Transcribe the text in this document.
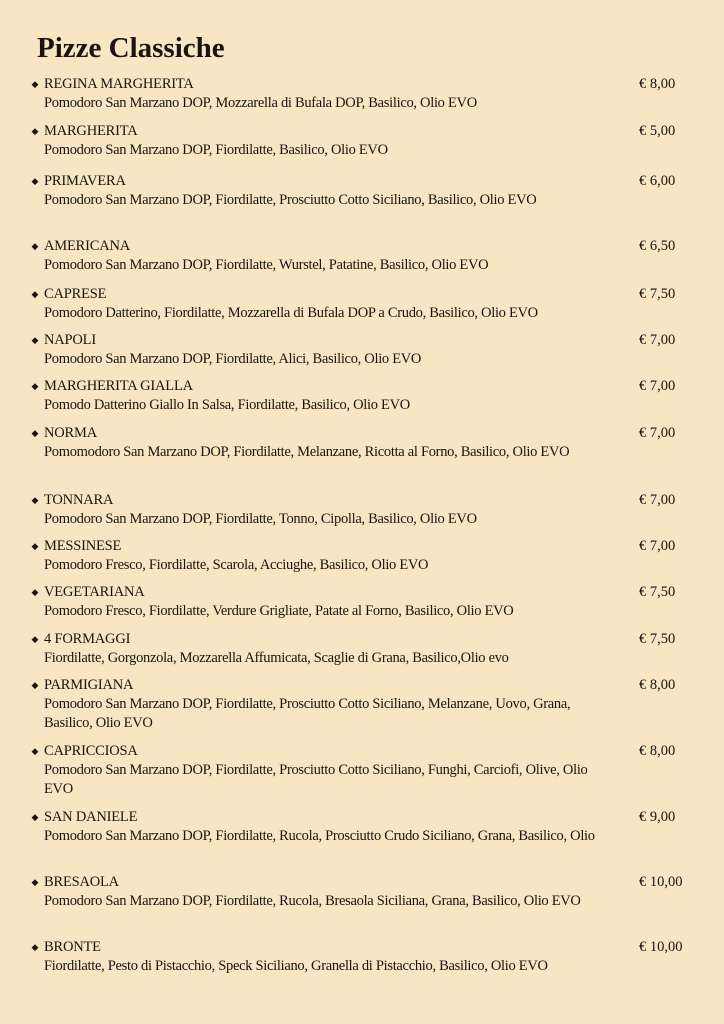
Pizze Classiche
◆ REGINA MARGHERITA	€ 8,00
Pomodoro San Marzano DOP, Mozzarella di Bufala DOP, Basilico, Olio EVO
◆ MARGHERITA	€ 5,00
Pomodoro San Marzano DOP, Fiordilatte, Basilico, Olio EVO
◆ PRIMAVERA	€ 6,00
Pomodoro San Marzano DOP, Fiordilatte, Prosciutto Cotto Siciliano, Basilico, Olio EVO
◆ AMERICANA	€ 6,50
Pomodoro San Marzano DOP, Fiordilatte, Wurstel, Patatine, Basilico, Olio EVO
◆ CAPRESE	€ 7,50
Pomodoro Datterino, Fiordilatte, Mozzarella di Bufala DOP a Crudo, Basilico, Olio EVO
◆ NAPOLI	€ 7,00
Pomodoro San Marzano DOP, Fiordilatte, Alici, Basilico, Olio EVO
◆ MARGHERITA GIALLA	€ 7,00
Pomodo Datterino Giallo In Salsa, Fiordilatte, Basilico, Olio EVO
◆ NORMA	€ 7,00
Pomomodoro San Marzano DOP, Fiordilatte, Melanzane, Ricotta al Forno, Basilico, Olio EVO
◆ TONNARA	€ 7,00
Pomodoro San Marzano DOP, Fiordilatte, Tonno, Cipolla, Basilico, Olio EVO
◆ MESSINESE	€ 7,00
Pomodoro Fresco, Fiordilatte, Scarola, Acciughe, Basilico, Olio EVO
◆ VEGETARIANA	€ 7,50
Pomodoro Fresco, Fiordilatte, Verdure Grigliate, Patate al Forno, Basilico, Olio EVO
◆ 4 FORMAGGI	€ 7,50
Fiordilatte, Gorgonzola, Mozzarella Affumicata, Scaglie di Grana, Basilico,Olio evo
◆ PARMIGIANA	€ 8,00
Pomodoro San Marzano DOP, Fiordilatte, Prosciutto Cotto Siciliano, Melanzane, Uovo, Grana, Basilico, Olio EVO
◆ CAPRICCIOSA	€ 8,00
Pomodoro San Marzano DOP, Fiordilatte, Prosciutto Cotto Siciliano, Funghi, Carciofi, Olive, Olio EVO
◆ SAN DANIELE	€ 9,00
Pomodoro San Marzano DOP, Fiordilatte, Rucola, Prosciutto Crudo Siciliano, Grana, Basilico, Olio
◆ BRESAOLA	€ 10,00
Pomodoro San Marzano DOP, Fiordilatte, Rucola, Bresaola Siciliana, Grana, Basilico, Olio EVO
◆ BRONTE	€ 10,00
Fiordilatte, Pesto di Pistacchio, Speck Siciliano, Granella di Pistacchio, Basilico, Olio EVO
